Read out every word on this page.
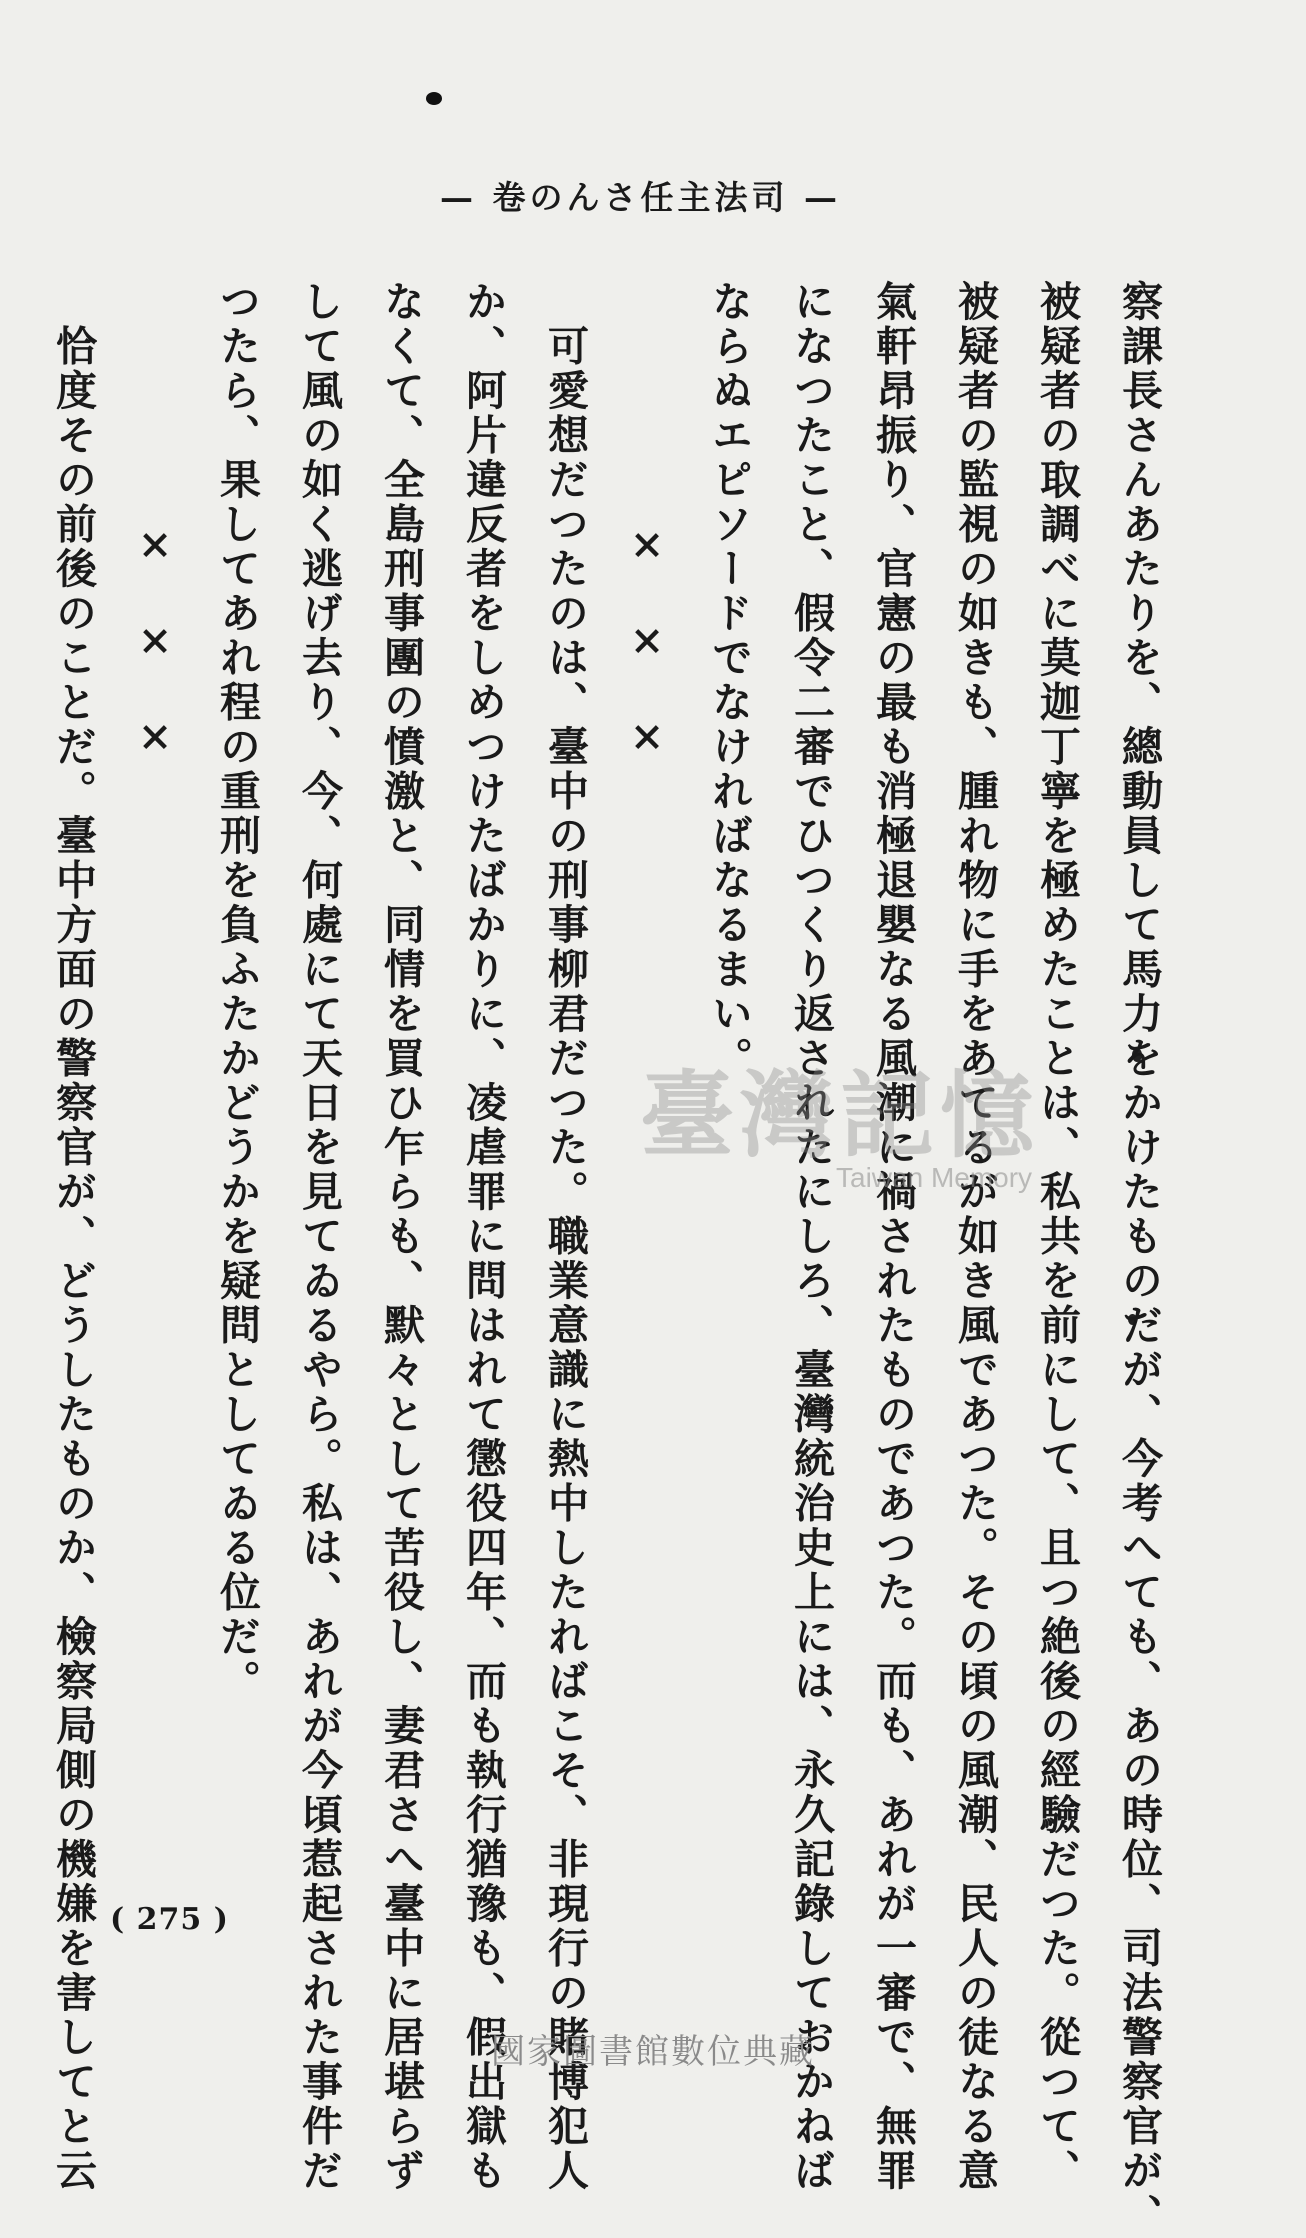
— 卷のんさ任主法司 —

察課長さんあたりを、總動員して馬力をかけたものだが、今考へても、あの時位、司法警察官が、

被疑者の取調べに莫迦丁寧を極めたことは、私共を前にして、且つ絶後の經驗だつた。從つて、

被疑者の監視の如きも、腫れ物に手をあてるが如き風であつた。その頃の風潮、民人の徒なる意

氣軒昂振り、官憲の最も消極退嬰なる風潮に禍されたものであつた。而も、あれが一審で、無罪

になつたこと、假令二審でひつくり返されたにしろ、臺灣統治史上には、永久記錄しておかねば

ならぬエピソードでなければなるまい。

×　×　×

　可愛想だつたのは、臺中の刑事柳君だつた。職業意識に熱中したればこそ、非現行の賭博犯人

か、阿片違反者をしめつけたばかりに、凌虐罪に問はれて懲役四年、而も執行猶豫も、假出獄も

なくて、全島刑事團の憤激と、同情を買ひ乍らも、默々として苦役し、妻君さへ臺中に居堪らず

して風の如く逃げ去り、今、何處にて天日を見てゐるやら。私は、あれが今頃惹起された事件だ

つたら、果してあれ程の重刑を負ふたかどうかを疑問としてゐる位だ。

×　×　×

　恰度その前後のことだ。臺中方面の警察官が、どうしたものか、檢察局側の機嫌を害してと云	臺灣記憶
Taiwan Memory
( 275 )
國家圖書館數位典藏
